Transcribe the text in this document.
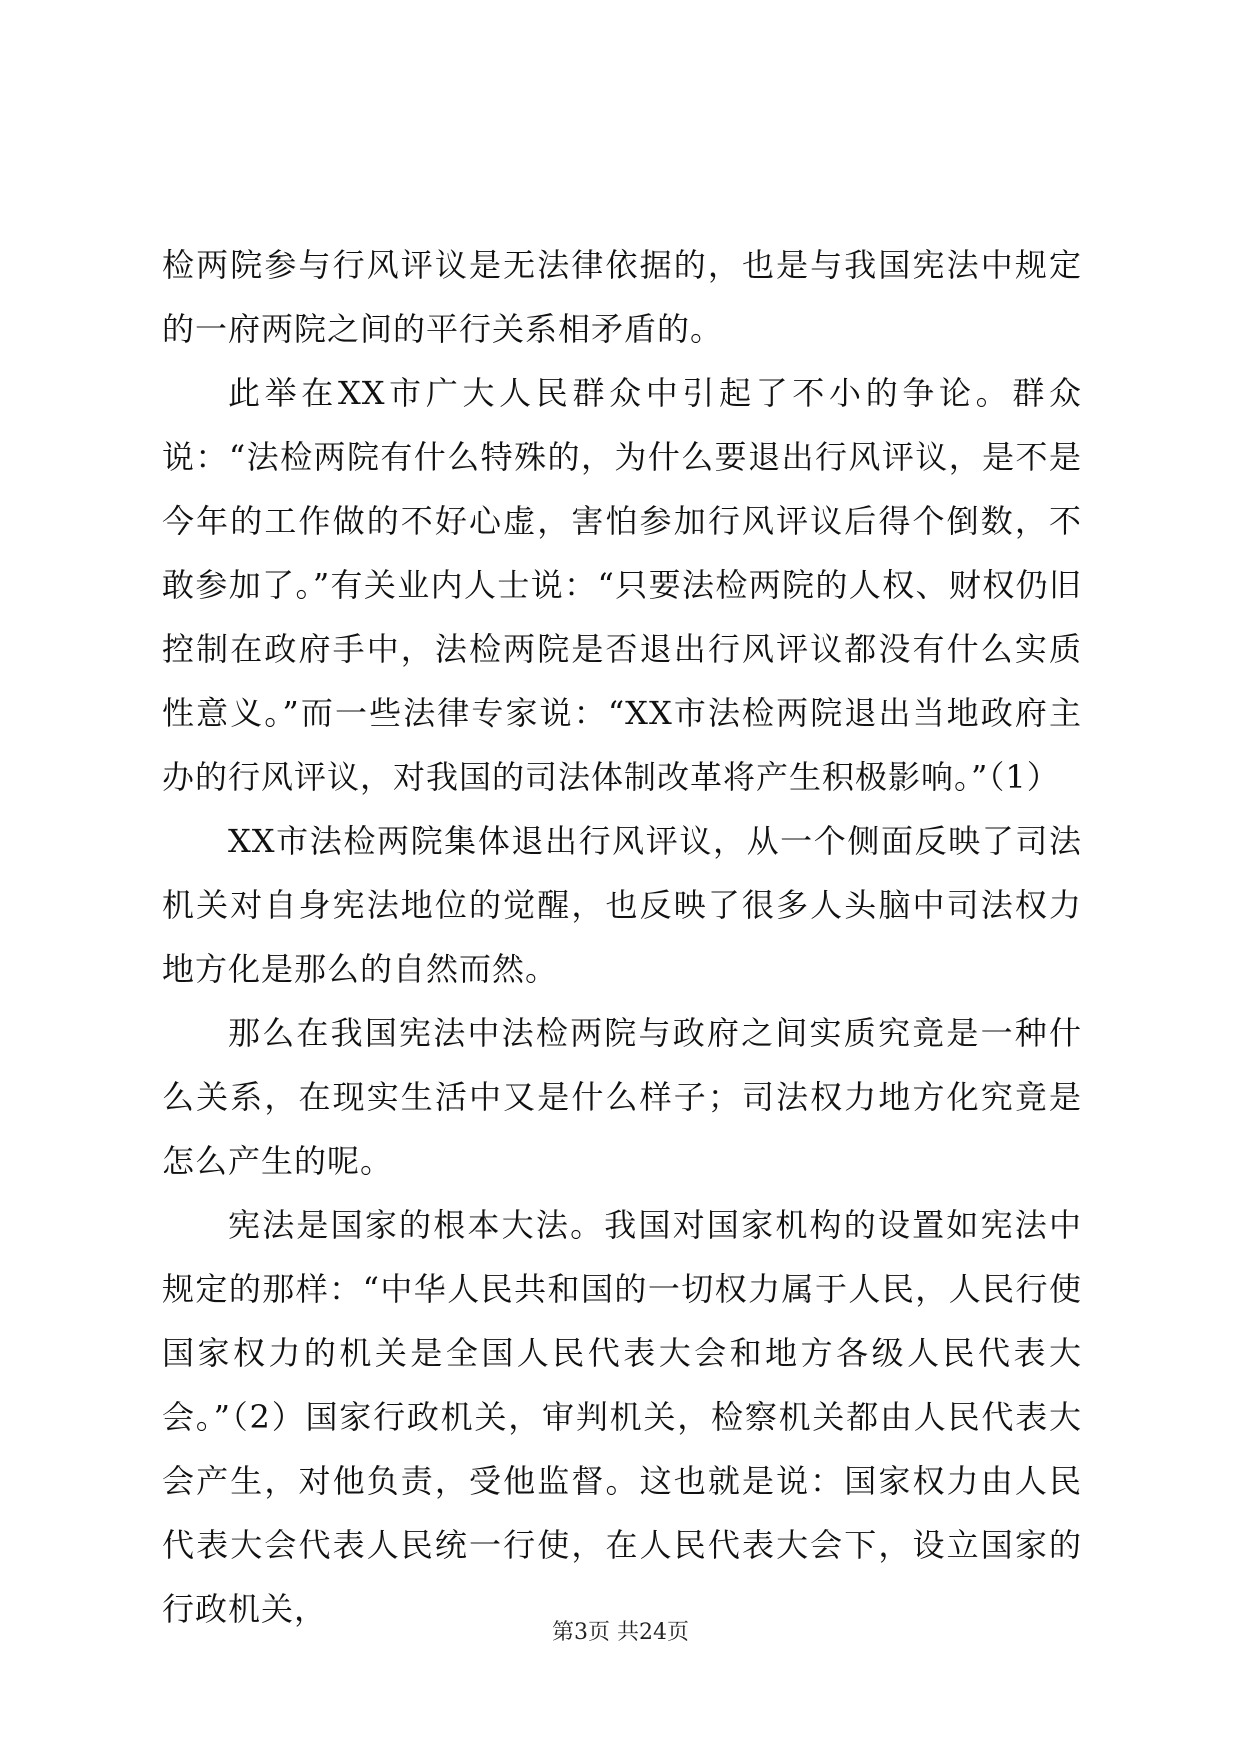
检两院参与行风评议是无法律依据的，也是与我国宪法中规定的一府两院之间的平行关系相矛盾的。

此举在XX市广大人民群众中引起了不小的争论。群众说：“法检两院有什么特殊的，为什么要退出行风评议，是不是今年的工作做的不好心虚，害怕参加行风评议后得个倒数，不敢参加了。”有关业内人士说：“只要法检两院的人权、财权仍旧控制在政府手中，法检两院是否退出行风评议都没有什么实质性意义。”而一些法律专家说：“XX市法检两院退出当地政府主办的行风评议，对我国的司法体制改革将产生积极影响。”（1）

XX市法检两院集体退出行风评议，从一个侧面反映了司法机关对自身宪法地位的觉醒，也反映了很多人头脑中司法权力地方化是那么的自然而然。

那么在我国宪法中法检两院与政府之间实质究竟是一种什么关系，在现实生活中又是什么样子；司法权力地方化究竟是怎么产生的呢。

宪法是国家的根本大法。我国对国家机构的设置如宪法中规定的那样：“中华人民共和国的一切权力属于人民，人民行使国家权力的机关是全国人民代表大会和地方各级人民代表大会。”（2）国家行政机关，审判机关，检察机关都由人民代表大会产生，对他负责，受他监督。这也就是说：国家权力由人民代表大会代表人民统一行使，在人民代表大会下，设立国家的行政机关，

第3页 共24页
